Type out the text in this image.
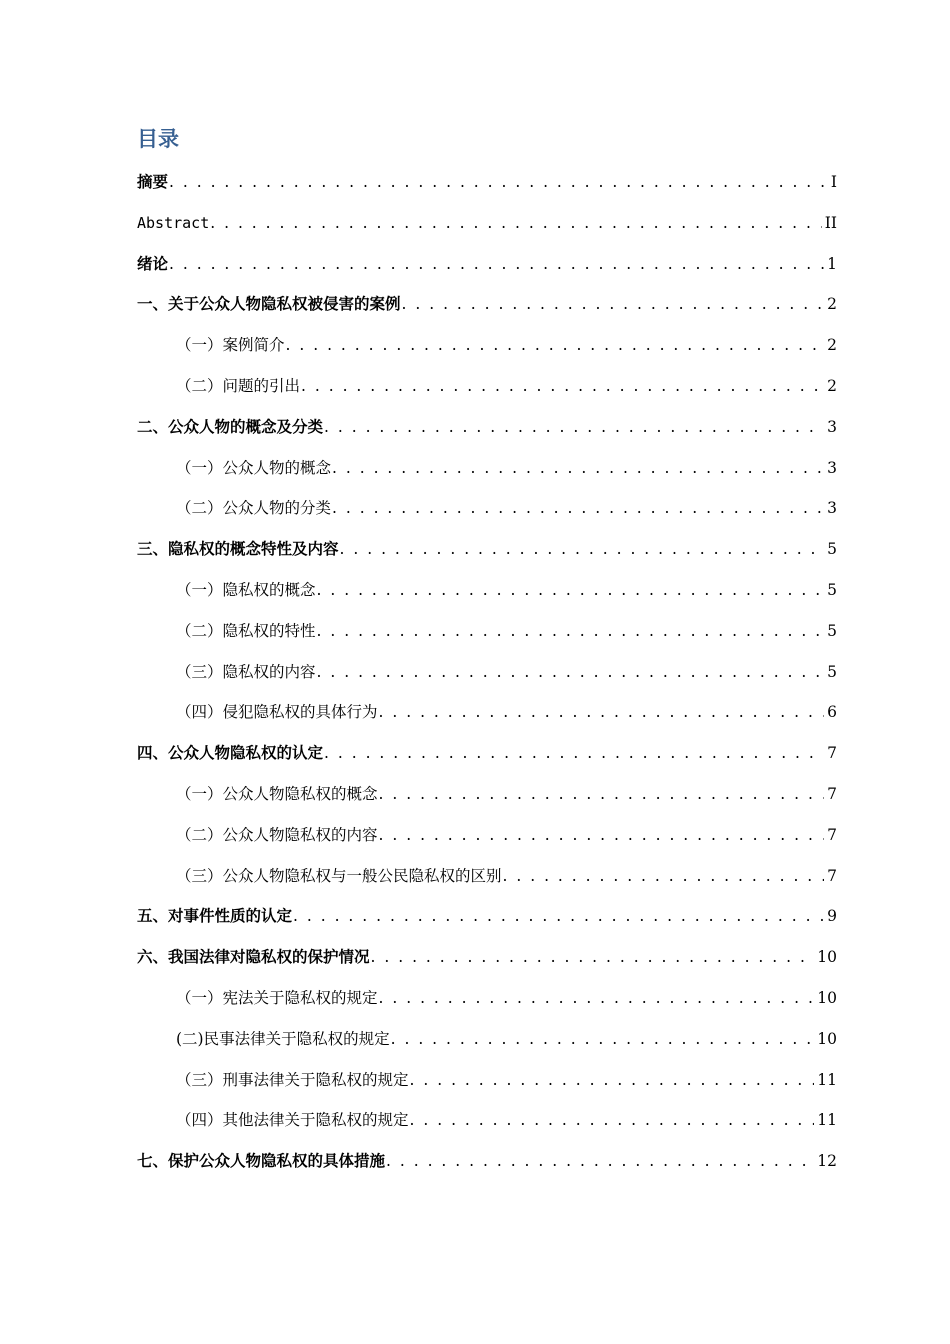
目录
摘要 . . .	I
Abstract . . .	II
绪论 . . .	1
一、关于公众人物隐私权被侵害的案例 . . .	2
（一）案例简介 . . .	2
（二）问题的引出 . . .	2
二、公众人物的概念及分类 . . .	3
（一）公众人物的概念 . . .	3
（二）公众人物的分类 . . .	3
三、隐私权的概念特性及内容 . . .	5
（一）隐私权的概念 . . .	5
（二）隐私权的特性 . . .	5
（三）隐私权的内容 . . .	5
（四）侵犯隐私权的具体行为 . . .	6
四、公众人物隐私权的认定 . . .	7
（一）公众人物隐私权的概念 . . .	7
（二）公众人物隐私权的内容 . . .	7
（三）公众人物隐私权与一般公民隐私权的区别 . . .	7
五、对事件性质的认定 . . .	9
六、我国法律对隐私权的保护情况 . . .	10
（一）宪法关于隐私权的规定 . . .	10
(二)民事法律关于隐私权的规定 . . .	10
（三）刑事法律关于隐私权的规定 . . .	11
（四）其他法律关于隐私权的规定 . . .	11
七、保护公众人物隐私权的具体措施 . . .	12
